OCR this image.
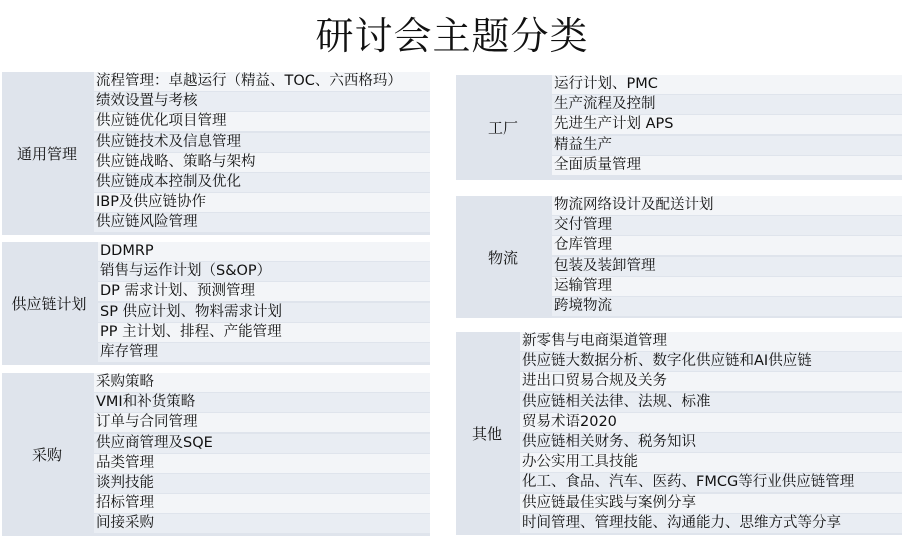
研讨会主题分类
通用管理
流程管理：卓越运行（精益、TOC、六西格玛）
绩效设置与考核
供应链优化项目管理
供应链技术及信息管理
供应链战略、策略与架构
供应链成本控制及优化
IBP及供应链协作
供应链风险管理
供应链计划
DDMRP
销售与运作计划（S&OP）
DP 需求计划、预测管理
SP 供应计划、物料需求计划
PP 主计划、排程、产能管理
库存管理
采购
采购策略
VMI和补货策略
订单与合同管理
供应商管理及SQE
品类管理
谈判技能
招标管理
间接采购
工厂
运行计划、PMC
生产流程及控制
先进生产计划 APS
精益生产
全面质量管理
物流
物流网络设计及配送计划
交付管理
仓库管理
包装及装卸管理
运输管理
跨境物流
其他
新零售与电商渠道管理
供应链大数据分析、数字化供应链和AI供应链
进出口贸易合规及关务
供应链相关法律、法规、标准
贸易术语2020
供应链相关财务、税务知识
办公实用工具技能
化工、食品、汽车、医药、FMCG等行业供应链管理
供应链最佳实践与案例分享
时间管理、管理技能、沟通能力、思维方式等分享
